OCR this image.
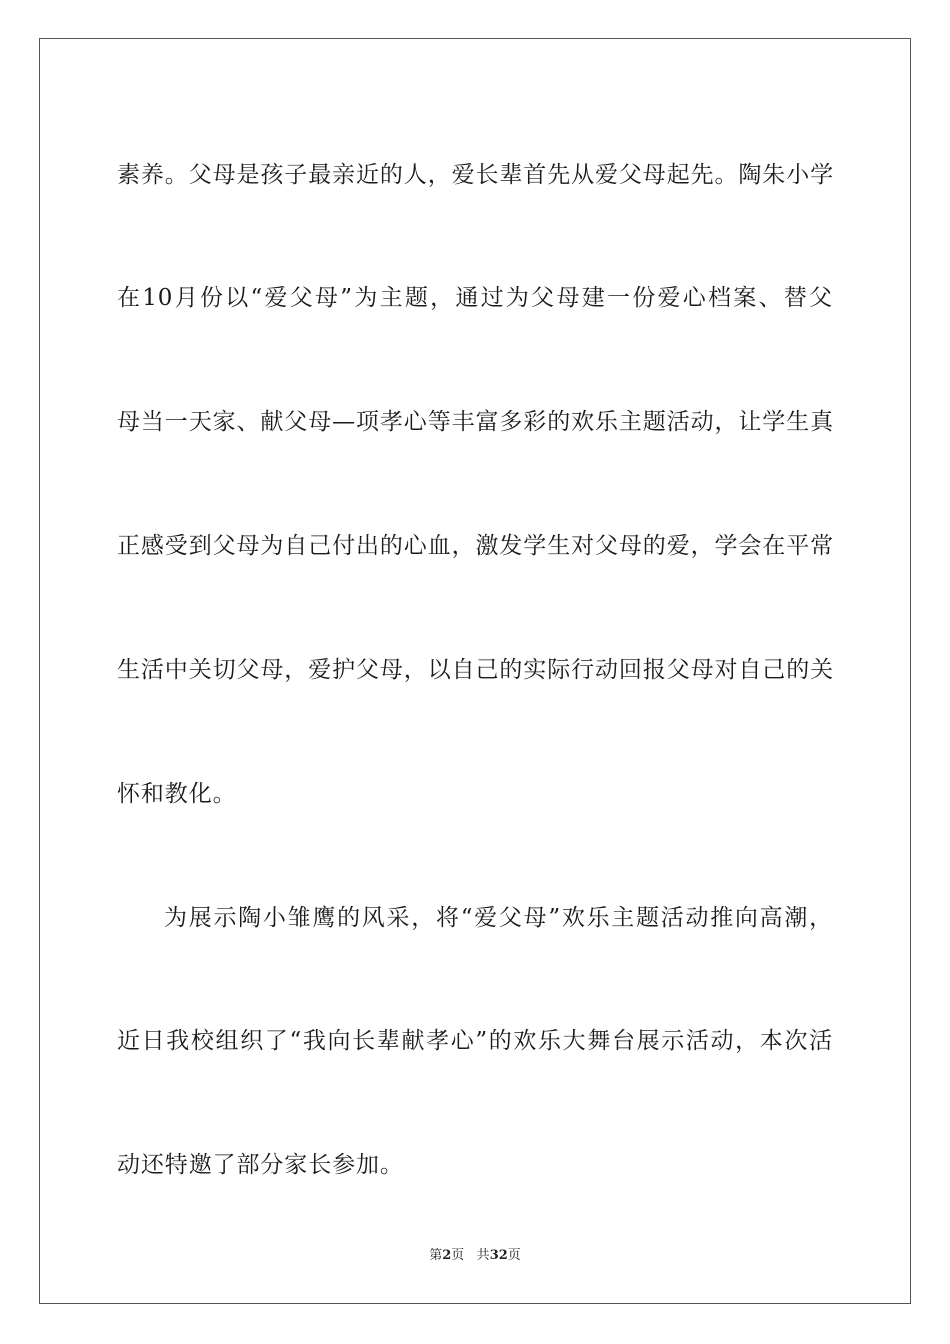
素养。父母是孩子最亲近的人，爱长辈首先从爱父母起先。陶朱小学

在10月份以“爱父母”为主题，通过为父母建一份爱心档案、替父

母当一天家、献父母—项孝心等丰富多彩的欢乐主题活动，让学生真

正感受到父母为自己付出的心血，激发学生对父母的爱，学会在平常

生活中关切父母，爱护父母，以自己的实际行动回报父母对自己的关

怀和教化。

为展示陶小雏鹰的风采，将“爱父母”欢乐主题活动推向高潮，

近日我校组织了“我向长辈献孝心”的欢乐大舞台展示活动，本次活

动还特邀了部分家长参加。

第2页 共32页
